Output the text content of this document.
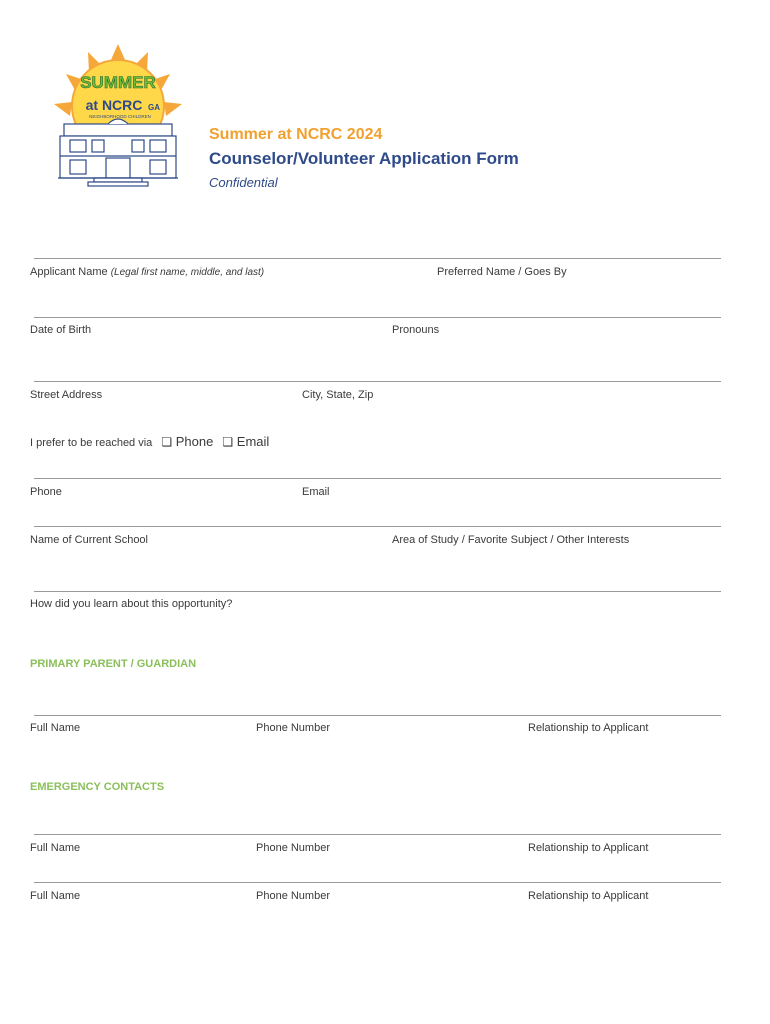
SUMMER
at NCRC GA
NEIGHBORHOOD CHILDREN
Summer at NCRC 2024
Counselor/Volunteer Application Form
Confidential
Applicant Name (Legal first name, middle, and last)	Preferred Name / Goes By
Date of Birth	Pronouns
Street Address	City, State, Zip
I prefer to be reached via ❏ Phone ❏ Email
Phone	Email
Name of Current School	Area of Study / Favorite Subject / Other Interests
How did you learn about this opportunity?
PRIMARY PARENT / GUARDIAN
Full Name	Phone Number	Relationship to Applicant
EMERGENCY CONTACTS
Full Name	Phone Number	Relationship to Applicant
Full Name	Phone Number	Relationship to Applicant
